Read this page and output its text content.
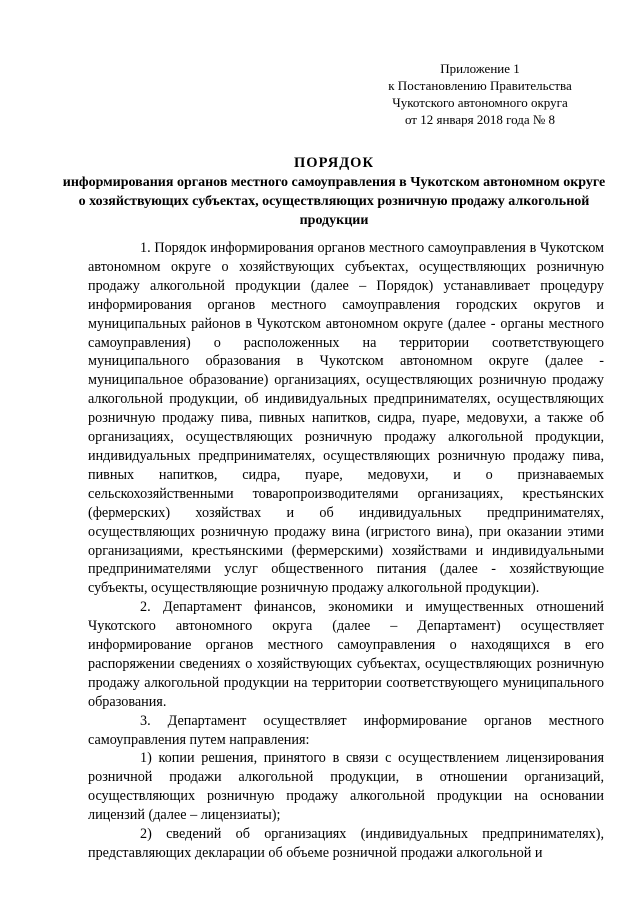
Приложение 1
к Постановлению Правительства
Чукотского автономного округа
от 12 января 2018 года № 8
ПОРЯДОК
информирования органов местного самоуправления в Чукотском автономном округе о хозяйствующих субъектах, осуществляющих розничную продажу алкогольной продукции

1. Порядок информирования органов местного самоуправления в Чукотском автономном округе о хозяйствующих субъектах, осуществляющих розничную продажу алкогольной продукции (далее – Порядок) устанавливает процедуру информирования органов местного самоуправления городских округов и муниципальных районов в Чукотском автономном округе (далее - органы местного самоуправления) о расположенных на территории соответствующего муниципального образования в Чукотском автономном округе (далее - муниципальное образование) организациях, осуществляющих розничную продажу алкогольной продукции, об индивидуальных предпринимателях, осуществляющих розничную продажу пива, пивных напитков, сидра, пуаре, медовухи, а также об организациях, осуществляющих розничную продажу алкогольной продукции, индивидуальных предпринимателях, осуществляющих розничную продажу пива, пивных напитков, сидра, пуаре, медовухи, и о признаваемых сельскохозяйственными товаропроизводителями организациях, крестьянских (фермерских) хозяйствах и об индивидуальных предпринимателях, осуществляющих розничную продажу вина (игристого вина), при оказании этими организациями, крестьянскими (фермерскими) хозяйствами и индивидуальными предпринимателями услуг общественного питания (далее - хозяйствующие субъекты, осуществляющие розничную продажу алкогольной продукции).

2. Департамент финансов, экономики и имущественных отношений Чукотского автономного округа (далее – Департамент) осуществляет информирование органов местного самоуправления о находящихся в его распоряжении сведениях о хозяйствующих субъектах, осуществляющих розничную продажу алкогольной продукции на территории соответствующего муниципального образования.

3. Департамент осуществляет информирование органов местного самоуправления путем направления:

1) копии решения, принятого в связи с осуществлением лицензирования розничной продажи алкогольной продукции, в отношении организаций, осуществляющих розничную продажу алкогольной продукции на основании лицензий (далее – лицензиаты);

2) сведений об организациях (индивидуальных предпринимателях), представляющих декларации об объеме розничной продажи алкогольной и
